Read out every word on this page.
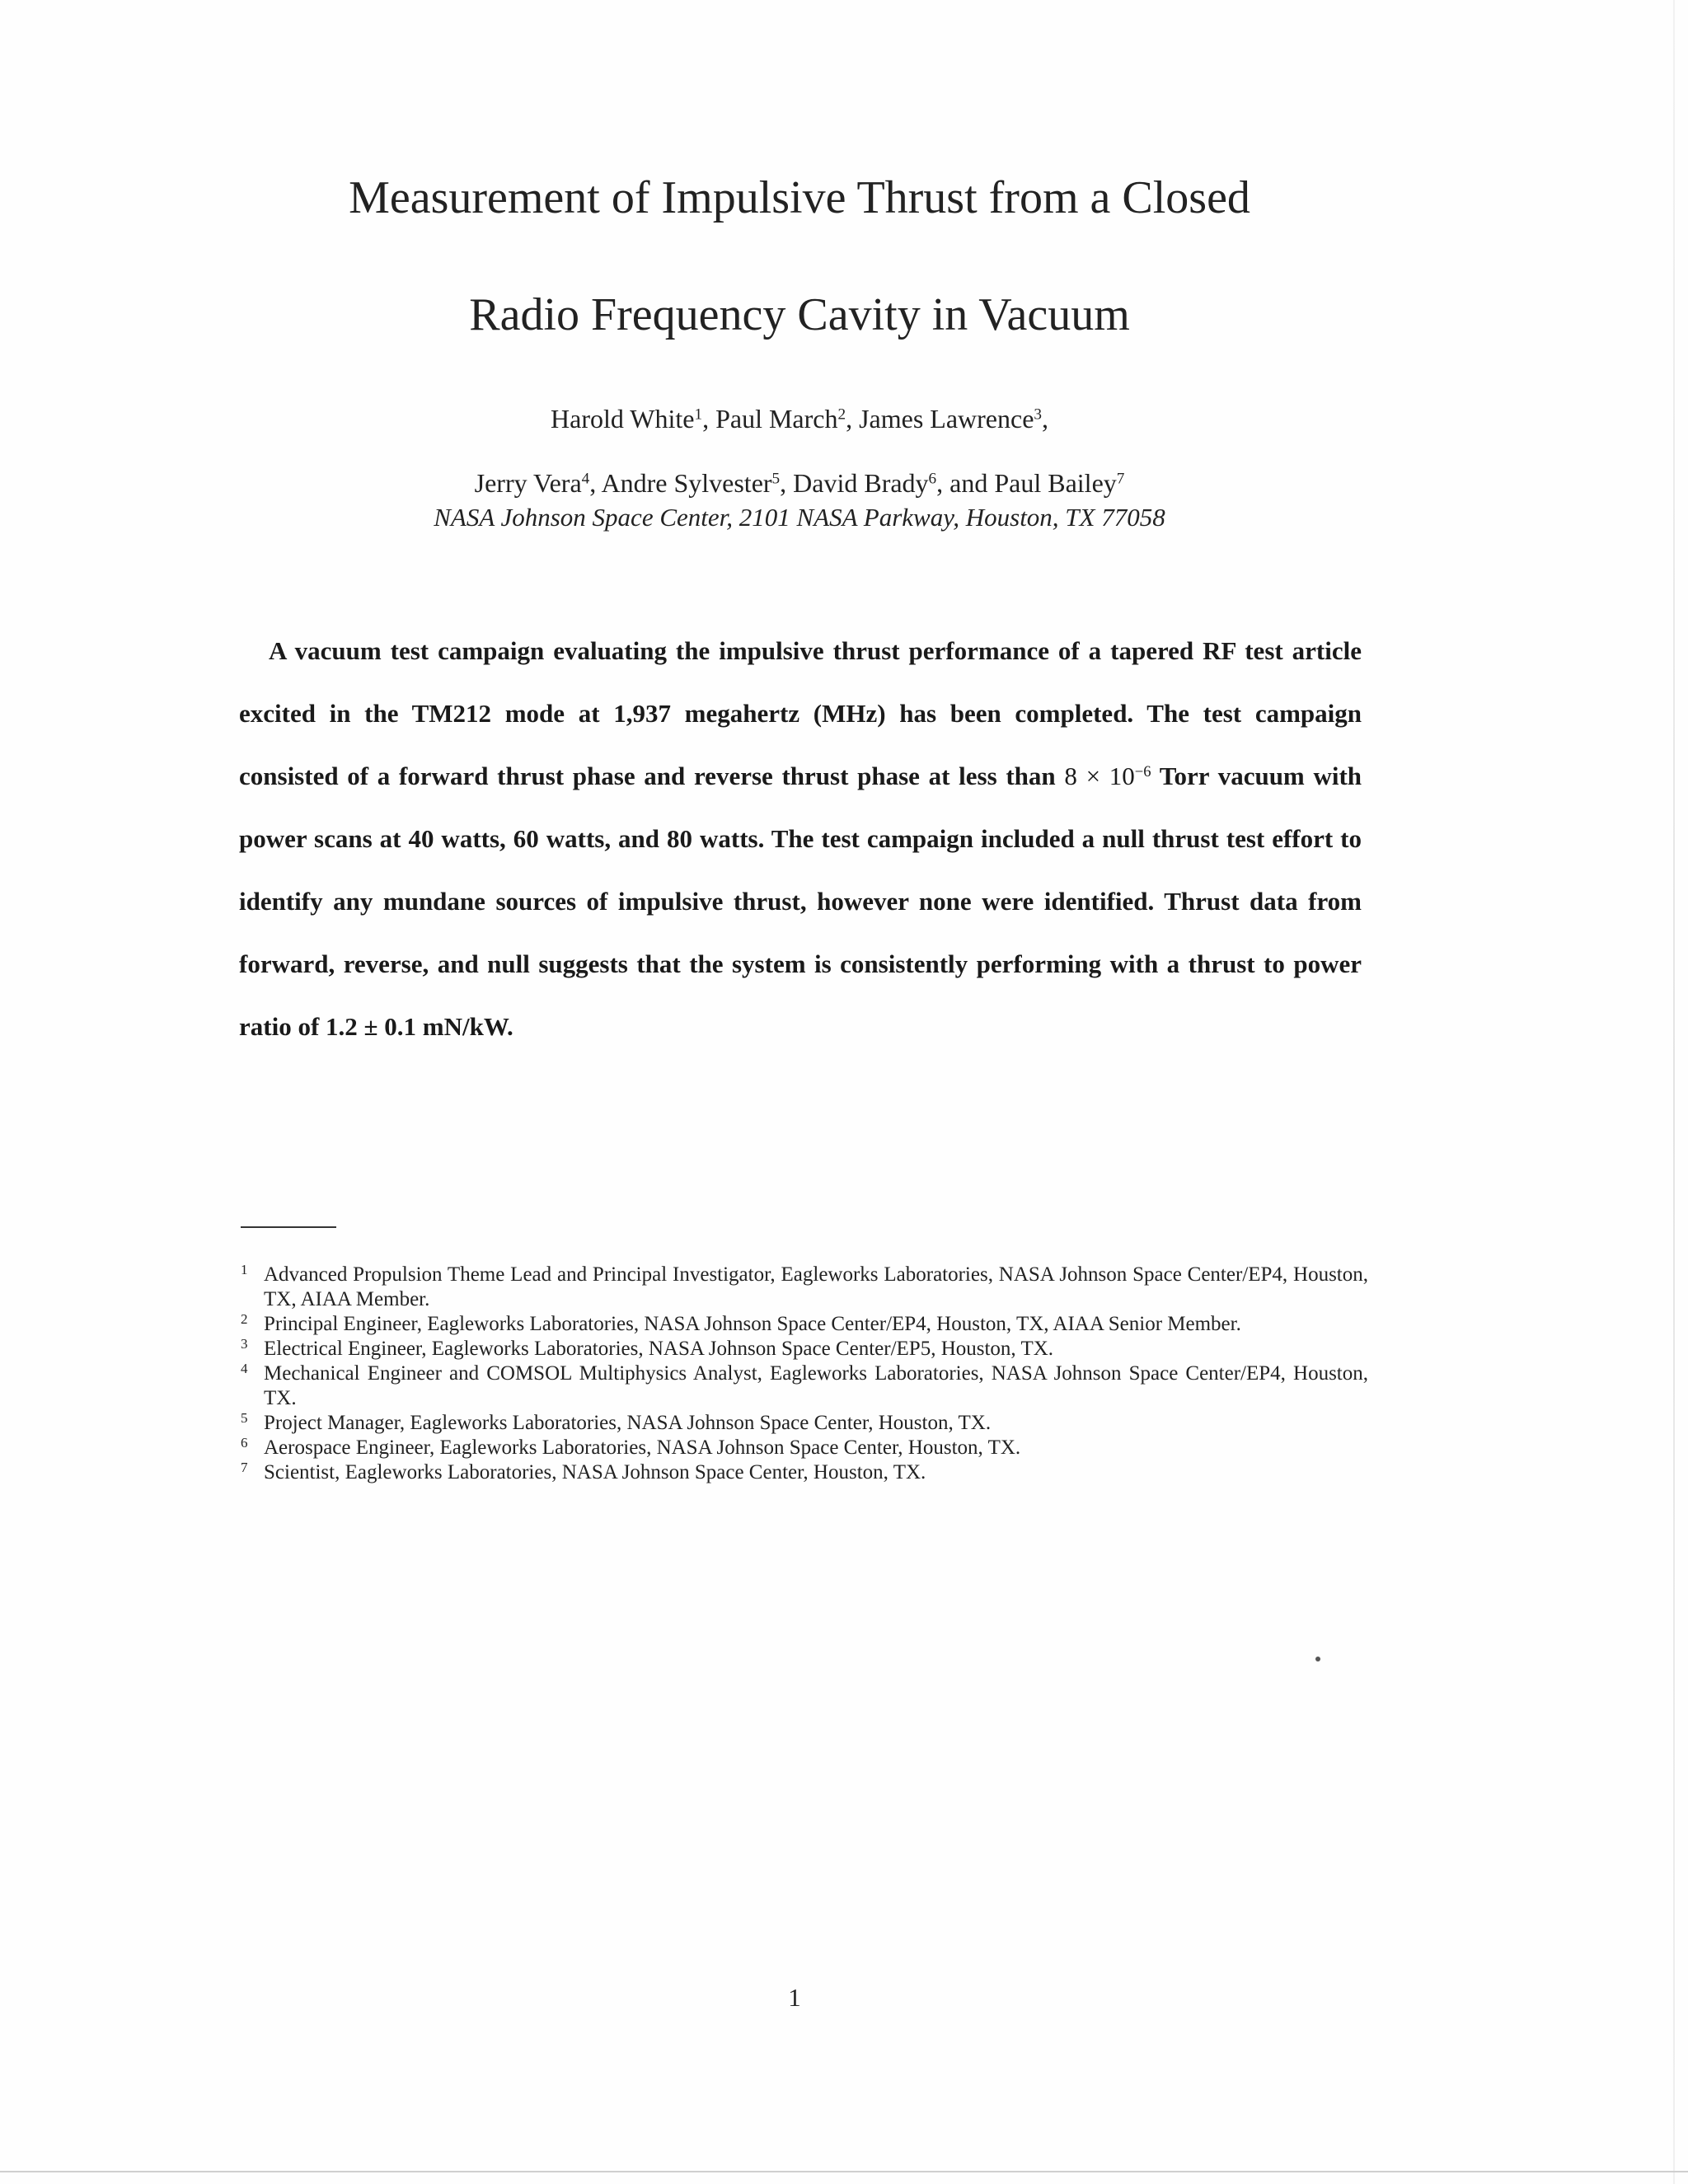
Measurement of Impulsive Thrust from a Closed
Radio Frequency Cavity in Vacuum
Harold White$^1$, Paul March$^2$, James Lawrence$^3$,
Jerry Vera$^4$, Andre Sylvester$^5$, David Brady$^6$, and Paul Bailey$^7$
NASA Johnson Space Center, 2101 NASA Parkway, Houston, TX 77058

A vacuum test campaign evaluating the impulsive thrust performance of a tapered RF test article excited in the TM212 mode at 1,937 megahertz (MHz) has been completed. The test campaign consisted of a forward thrust phase and reverse thrust phase at less than $8 \times 10^{-6}$ Torr vacuum with power scans at 40 watts, 60 watts, and 80 watts. The test campaign included a null thrust test effort to identify any mundane sources of impulsive thrust, however none were identified. Thrust data from forward, reverse, and null suggests that the system is consistently performing with a thrust to power ratio of 1.2 ± 0.1 mN/kW.

1 Advanced Propulsion Theme Lead and Principal Investigator, Eagleworks Laboratories, NASA Johnson Space Center/EP4, Houston, TX, AIAA Member.
2 Principal Engineer, Eagleworks Laboratories, NASA Johnson Space Center/EP4, Houston, TX, AIAA Senior Member.
3 Electrical Engineer, Eagleworks Laboratories, NASA Johnson Space Center/EP5, Houston, TX.
4 Mechanical Engineer and COMSOL Multiphysics Analyst, Eagleworks Laboratories, NASA Johnson Space Center/EP4, Houston, TX.
5 Project Manager, Eagleworks Laboratories, NASA Johnson Space Center, Houston, TX.
6 Aerospace Engineer, Eagleworks Laboratories, NASA Johnson Space Center, Houston, TX.
7 Scientist, Eagleworks Laboratories, NASA Johnson Space Center, Houston, TX.
1
